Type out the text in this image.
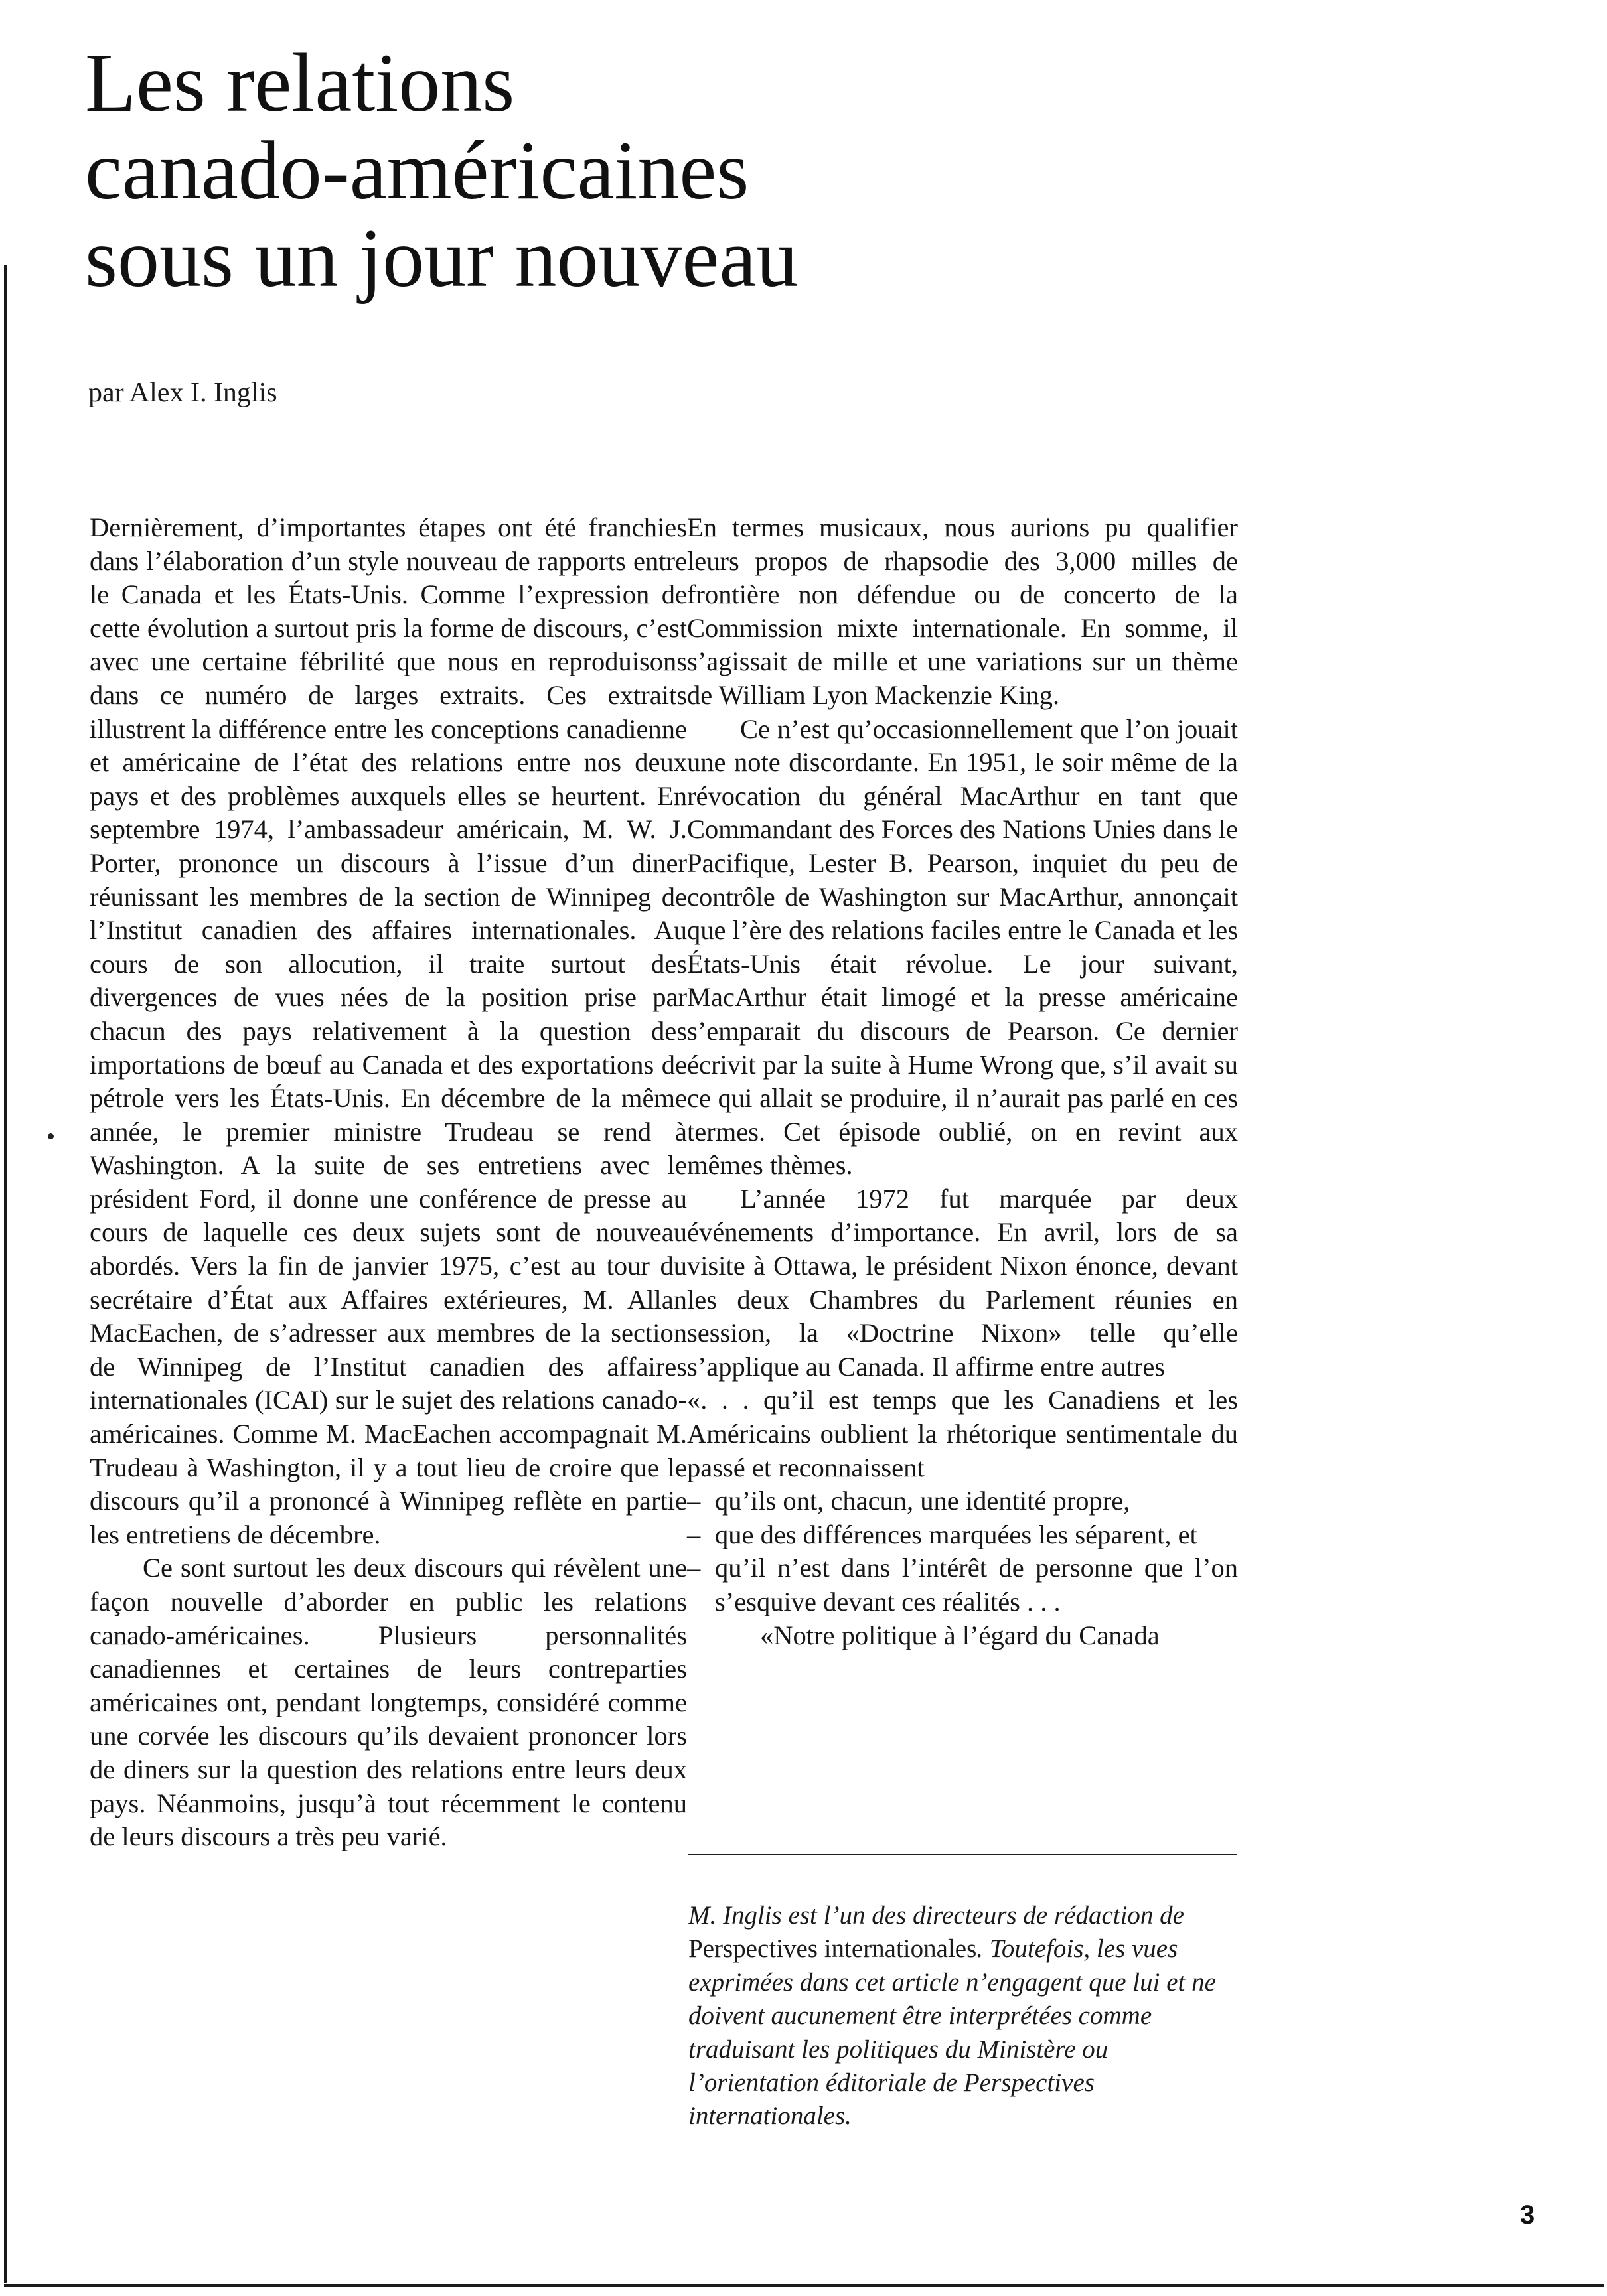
Les relations
canado-américaines
sous un jour nouveau
par Alex I. Inglis

Dernièrement, d’importantes étapes ont été franchies dans l’élaboration d’un style nouveau de rapports entre le Canada et les États-Unis. Comme l’expression de cette évolution a surtout pris la forme de discours, c’est avec une certaine fébrilité que nous en reproduisons dans ce numéro de larges extraits. Ces extraits illustrent la différence entre les conceptions canadienne et américaine de l’état des relations entre nos deux pays et des problèmes auxquels elles se heurtent. En septembre 1974, l’ambassadeur américain, M. W. J. Porter, prononce un discours à l’issue d’un diner réunissant les membres de la section de Winnipeg de l’Institut canadien des affaires internationales. Au cours de son allocution, il traite surtout des divergences de vues nées de la position prise par chacun des pays relativement à la question des importations de bœuf au Canada et des exportations de pétrole vers les États-Unis. En décembre de la même année, le premier ministre Trudeau se rend à Washington. A la suite de ses entretiens avec le président Ford, il donne une conférence de presse au cours de laquelle ces deux sujets sont de nouveau abordés. Vers la fin de janvier 1975, c’est au tour du secrétaire d’État aux Affaires extérieures, M. Allan MacEachen, de s’adresser aux membres de la section de Winnipeg de l’Institut canadien des affaires internationales (ICAI) sur le sujet des relations canado-américaines. Comme M. MacEachen accompagnait M. Trudeau à Washington, il y a tout lieu de croire que le discours qu’il a prononcé à Winnipeg reflète en partie les entretiens de décembre.

Ce sont surtout les deux discours qui révèlent une façon nouvelle d’aborder en public les relations canado-américaines. Plusieurs personnalités canadiennes et certaines de leurs contreparties américaines ont, pendant longtemps, considéré comme une corvée les discours qu’ils devaient prononcer lors de diners sur la question des relations entre leurs deux pays. Néanmoins, jusqu’à tout récemment le contenu de leurs discours a très peu varié.

En termes musicaux, nous aurions pu qualifier leurs propos de rhapsodie des 3,000 milles de frontière non défendue ou de concerto de la Commission mixte internationale. En somme, il s’agissait de mille et une variations sur un thème de William Lyon Mackenzie King.

Ce n’est qu’occasionnellement que l’on jouait une note discordante. En 1951, le soir même de la révocation du général MacArthur en tant que Commandant des Forces des Nations Unies dans le Pacifique, Lester B. Pearson, inquiet du peu de contrôle de Washington sur MacArthur, annonçait que l’ère des relations faciles entre le Canada et les États-Unis était révolue. Le jour suivant, MacArthur était limogé et la presse américaine s’emparait du discours de Pearson. Ce dernier écrivit par la suite à Hume Wrong que, s’il avait su ce qui allait se produire, il n’aurait pas parlé en ces termes. Cet épisode oublié, on en revint aux mêmes thèmes.

L’année 1972 fut marquée par deux événements d’importance. En avril, lors de sa visite à Ottawa, le président Nixon énonce, devant les deux Chambres du Parlement réunies en session, la «Doctrine Nixon» telle qu’elle s’applique au Canada. Il affirme entre autres

«. . . qu’il est temps que les Canadiens et les Américains oublient la rhétorique sentimentale du passé et reconnaissent

– qu’ils ont, chacun, une identité propre,
– que des différences marquées les séparent, et
– qu’il n’est dans l’intérêt de personne que l’on s’esquive devant ces réalités . . .

«Notre politique à l’égard du Canada

M. Inglis est l’un des directeurs de rédaction de Perspectives internationales. Toutefois, les vues exprimées dans cet article n’engagent que lui et ne doivent aucunement être interprétées comme traduisant les politiques du Ministère ou l’orientation éditoriale de Perspectives internationales.
3
